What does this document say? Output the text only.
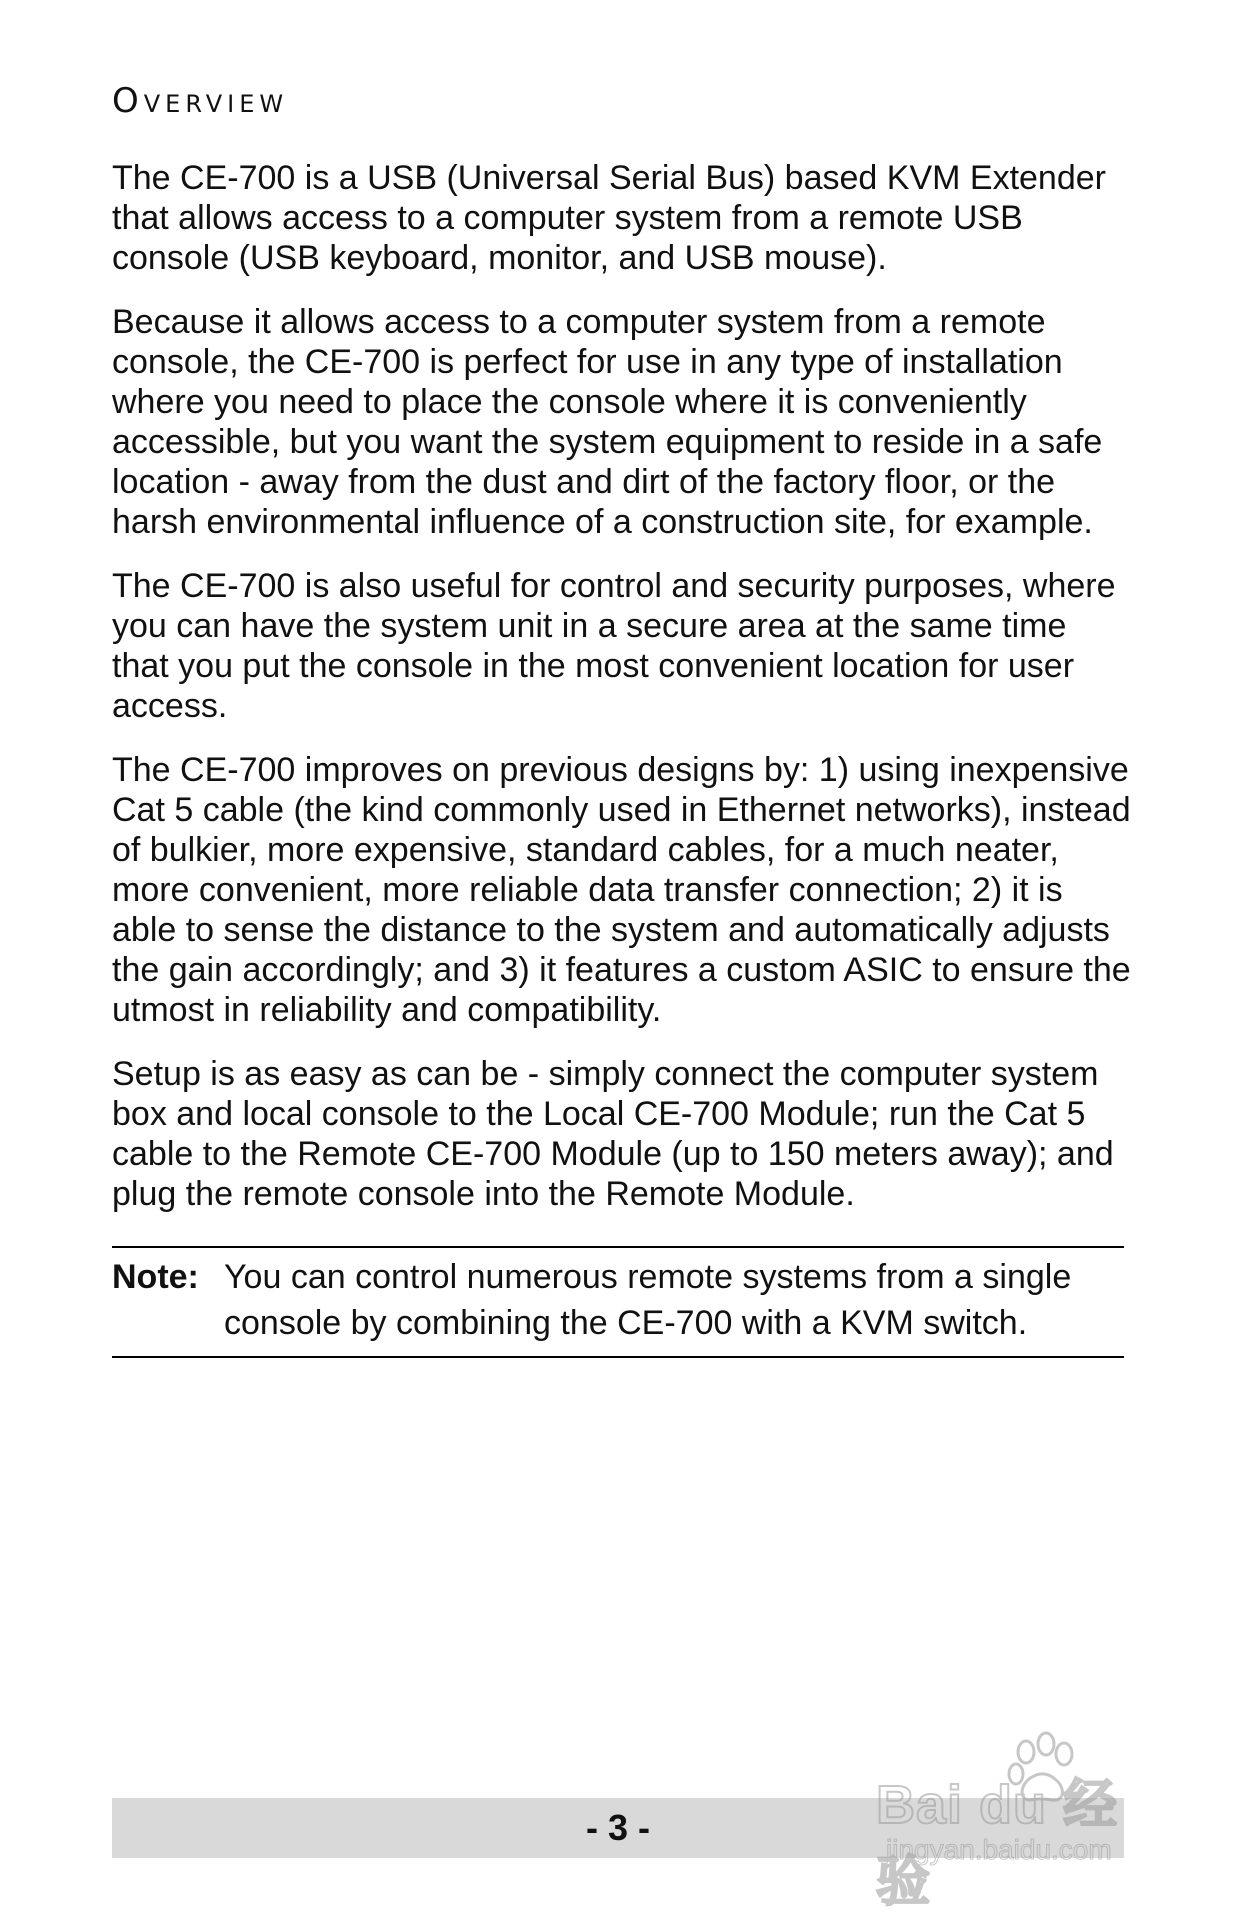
Overview

The CE-700 is a USB (Universal Serial Bus) based KVM Extender that allows access to a computer system from a remote USB console (USB keyboard, monitor, and USB mouse).

Because it allows access to a computer system from a remote console, the CE-700 is perfect for use in any type of installation where you need to place the console where it is conveniently accessible, but you want the system equipment to reside in a safe location - away from the dust and dirt of the factory floor, or the harsh environmental influence of a construction site, for example.

The CE-700 is also useful for control and security purposes, where you can have the system unit in a secure area at the same time that you put the console in the most convenient location for user access.

The CE-700 improves on previous designs by: 1) using inexpensive Cat 5 cable (the kind commonly used in Ethernet networks), instead of bulkier, more expensive, standard cables, for a much neater, more convenient, more reliable data transfer connection; 2) it is able to sense the distance to the system and automatically adjusts the gain accordingly; and 3) it features a custom ASIC to ensure the utmost in reliability and compatibility.

Setup is as easy as can be - simply connect the computer system box and local console to the Local CE-700 Module; run the Cat 5 cable to the Remote CE-700 Module (up to 150 meters away); and plug the remote console into the Remote Module.

Note: You can control numerous remote systems from a single console by combining the CE-700 with a KVM switch.
- 3 -	Bai du 经验
jingyan.baidu.com
